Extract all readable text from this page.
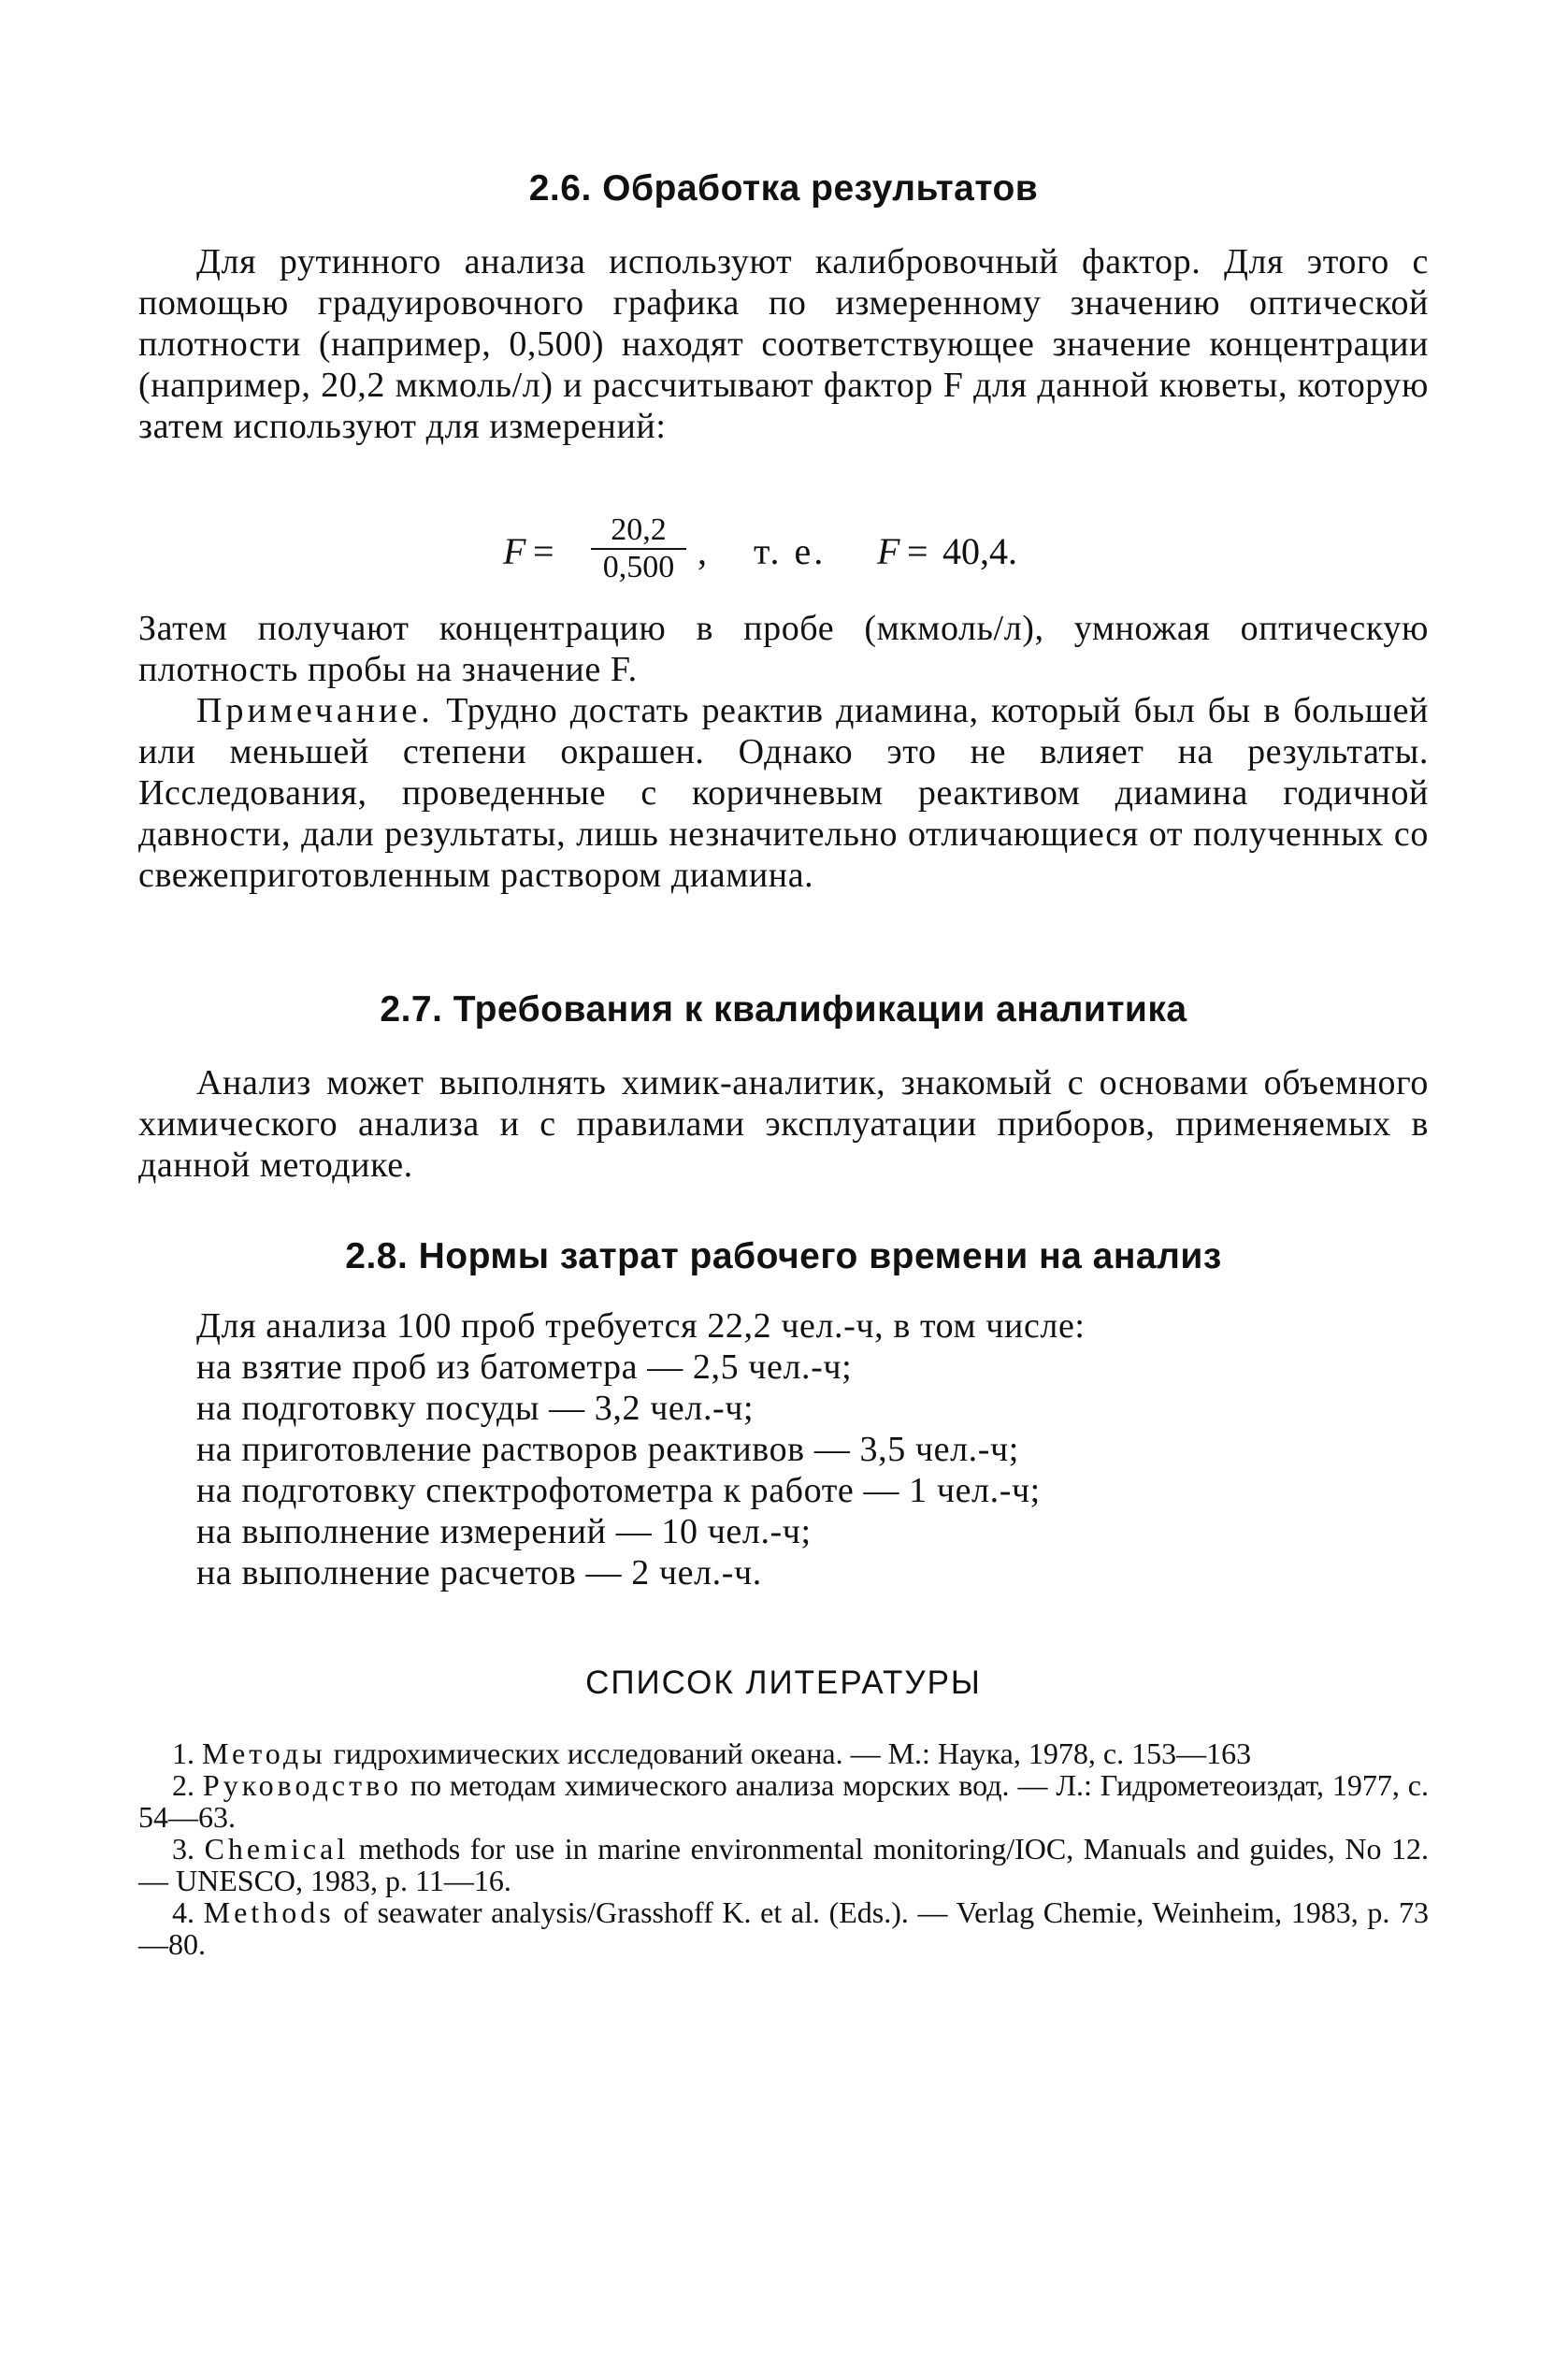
2.6. Обработка результатов
Для рутинного анализа используют калибровочный фактор. Для этого с помощью градуировочного графика по измеренному значению оптической плотности (например, 0,500) находят соответствующее значение концентрации (например, 20,2 мкмоль/л) и рассчитывают фактор F для данной кюветы, которую затем используют для измерений:
F =
20,2
0,500 , т. е. F = 40,4.
Затем получают концентрацию в пробе (мкмоль/л), умножая оптическую плотность пробы на значение F.
Примечание. Трудно достать реактив диамина, который был бы в большей или меньшей степени окрашен. Однако это не влияет на результаты. Исследования, проведенные с коричневым реактивом диамина годичной давности, дали результаты, лишь незначительно отличающиеся от полученных со свежеприготовленным раствором диамина.
2.7. Требования к квалификации аналитика
Анализ может выполнять химик-аналитик, знакомый с основами объемного химического анализа и с правилами эксплуатации приборов, применяемых в данной методике.
2.8. Нормы затрат рабочего времени на анализ
Для анализа 100 проб требуется 22,2 чел.-ч, в том числе:
на взятие проб из батометра — 2,5 чел.-ч;
на подготовку посуды — 3,2 чел.-ч;
на приготовление растворов реактивов — 3,5 чел.-ч;
на подготовку спектрофотометра к работе — 1 чел.-ч;
на выполнение измерений — 10 чел.-ч;
на выполнение расчетов — 2 чел.-ч.
СПИСОК ЛИТЕРАТУРЫ
1. Методы гидрохимических исследований океана. — М.: Наука, 1978, с. 153—163
2. Руководство по методам химического анализа морских вод. — Л.: Гидрометеоиздат, 1977, с. 54—63.
3. Chemical methods for use in marine environmental monitoring/IOC, Manuals and guides, No 12. — UNESCO, 1983, p. 11—16.
4. Methods of seawater analysis/Grasshoff K. et al. (Eds.). — Verlag Chemie, Weinheim, 1983, p. 73—80.
